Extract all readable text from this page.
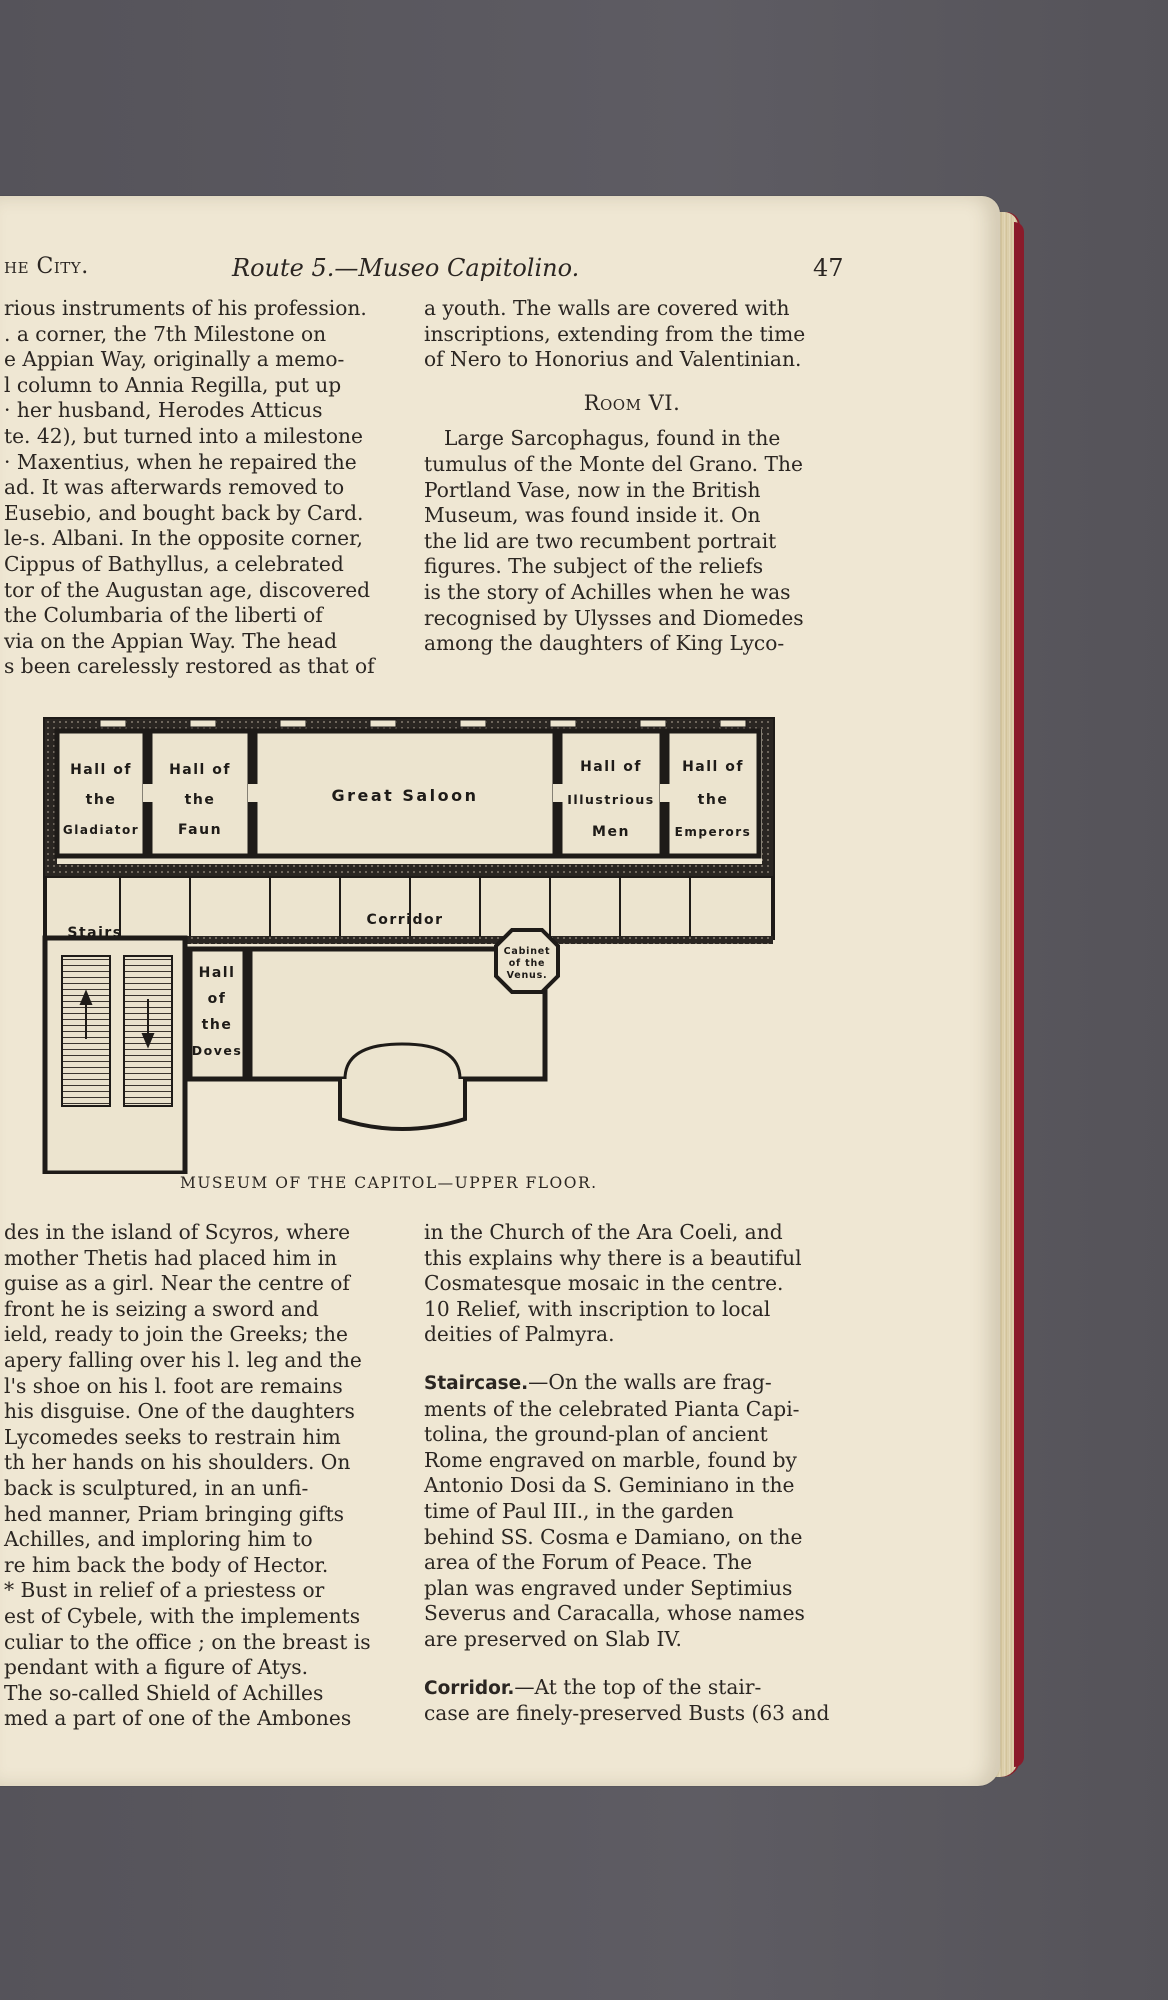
he City.	Route 5.—Museo Capitolino.	47

rious instruments of his profession.

. a corner, the 7th Milestone on

e Appian Way, originally a memo-

l column to Annia Regilla, put up

· her husband, Herodes Atticus

te. 42), but turned into a milestone

· Maxentius, when he repaired the

ad. It was afterwards removed to

Eusebio, and bought back by Card.

le-s. Albani. In the opposite corner,

Cippus of Bathyllus, a celebrated

tor of the Augustan age, discovered

the Columbaria of the liberti of

via on the Appian Way. The head

s been carelessly restored as that of

a youth. The walls are covered with

inscriptions, extending from the time

of Nero to Honorius and Valentinian.

Room VI.

Large Sarcophagus, found in the

tumulus of the Monte del Grano. The

Portland Vase, now in the British

Museum, was found inside it. On

the lid are two recumbent portrait

figures. The subject of the reliefs

is the story of Achilles when he was

recognised by Ulysses and Diomedes

among the daughters of King Lyco-

Hall of
the
Gladiator
Hall of
the
Faun
Great Saloon
Hall of
Illustrious
Men
Hall of
the
Emperors
Corridor
Stairs
Hall
of
the
Doves
Cabinet
of the
Venus.
MUSEUM OF THE CAPITOL—UPPER FLOOR.

des in the island of Scyros, where

mother Thetis had placed him in

guise as a girl. Near the centre of

front he is seizing a sword and

ield, ready to join the Greeks; the

apery falling over his l. leg and the

l's shoe on his l. foot are remains

his disguise. One of the daughters

Lycomedes seeks to restrain him

th her hands on his shoulders. On

back is sculptured, in an unfi-

hed manner, Priam bringing gifts

Achilles, and imploring him to

re him back the body of Hector.

* Bust in relief of a priestess or

est of Cybele, with the implements

culiar to the office ; on the breast is

pendant with a figure of Atys.

The so-called Shield of Achilles

med a part of one of the Ambones

in the Church of the Ara Coeli, and

this explains why there is a beautiful

Cosmatesque mosaic in the centre.

10 Relief, with inscription to local

deities of Palmyra.

Staircase.—On the walls are frag-

ments of the celebrated Pianta Capi-

tolina, the ground-plan of ancient

Rome engraved on marble, found by

Antonio Dosi da S. Geminiano in the

time of Paul III., in the garden

behind SS. Cosma e Damiano, on the

area of the Forum of Peace. The

plan was engraved under Septimius

Severus and Caracalla, whose names

are preserved on Slab IV.

Corridor.—At the top of the stair-

case are finely-preserved Busts (63 and
